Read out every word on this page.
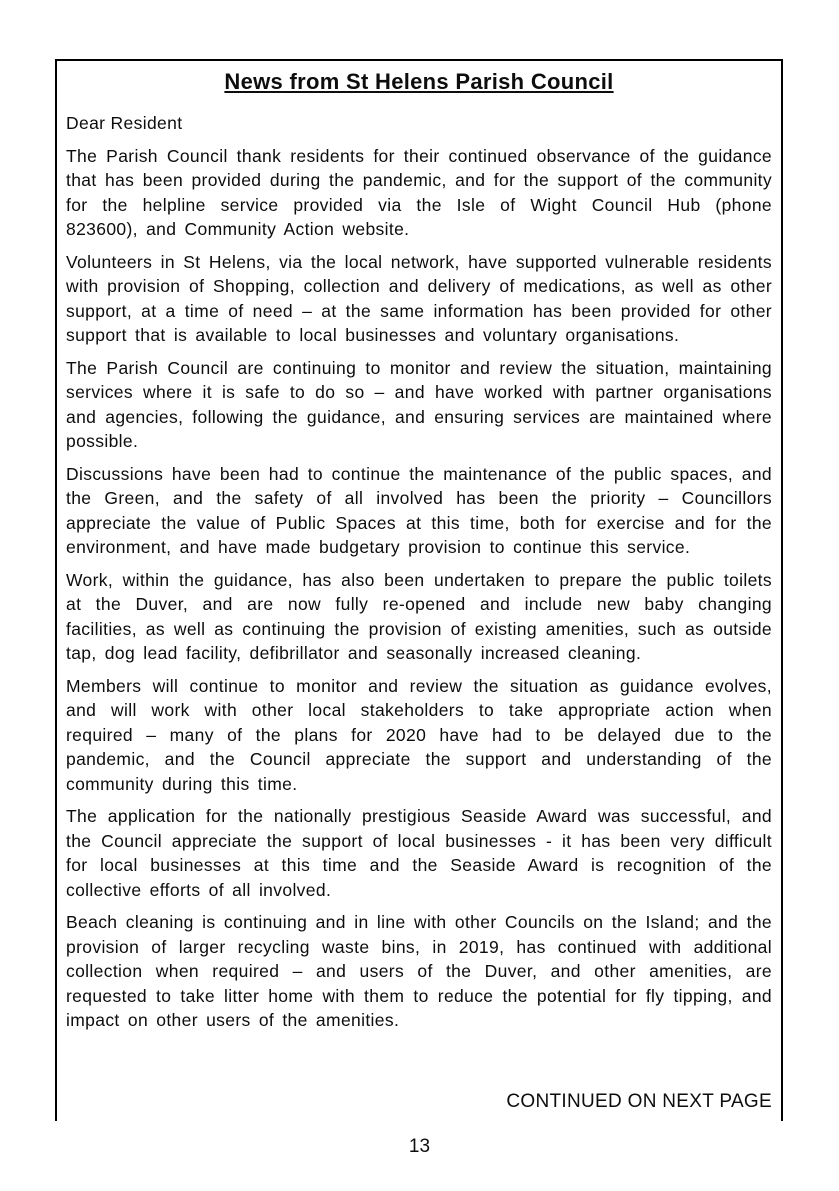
News from St Helens Parish Council
Dear Resident

The Parish Council thank residents for their continued observance of the guidance that has been provided during the pandemic, and for the support of the community for the helpline service provided via the Isle of Wight Council Hub (phone 823600), and Community Action website.

Volunteers in St Helens, via the local network, have supported vulnerable residents with provision of Shopping, collection and delivery of medications, as well as other support, at a time of need – at the same information has been provided for other support that is available to local businesses and voluntary organisations.

The Parish Council are continuing to monitor and review the situation, maintaining services where it is safe to do so – and have worked with partner organisations and agencies, following the guidance, and ensuring services are maintained where possible.

Discussions have been had to continue the maintenance of the public spaces, and the Green, and the safety of all involved has been the priority – Councillors appreciate the value of Public Spaces at this time, both for exercise and for the environment, and have made budgetary provision to continue this service.

Work, within the guidance, has also been undertaken to prepare the public toilets at the Duver, and are now fully re-opened and include new baby changing facilities, as well as continuing the provision of existing amenities, such as outside tap, dog lead facility, defibrillator and seasonally increased cleaning.

Members will continue to monitor and review the situation as guidance evolves, and will work with other local stakeholders to take appropriate action when required – many of the plans for 2020 have had to be delayed due to the pandemic, and the Council appreciate the support and understanding of the community during this time.

The application for the nationally prestigious Seaside Award was successful, and the Council appreciate the support of local businesses - it has been very difficult for local businesses at this time and the Seaside Award is recognition of the collective efforts of all involved.

Beach cleaning is continuing and in line with other Councils on the Island; and the provision of larger recycling waste bins, in 2019, has continued with additional collection when required – and users of the Duver, and other amenities, are requested to take litter home with them to reduce the potential for fly tipping, and impact on other users of the amenities.

CONTINUED ON NEXT PAGE
13
